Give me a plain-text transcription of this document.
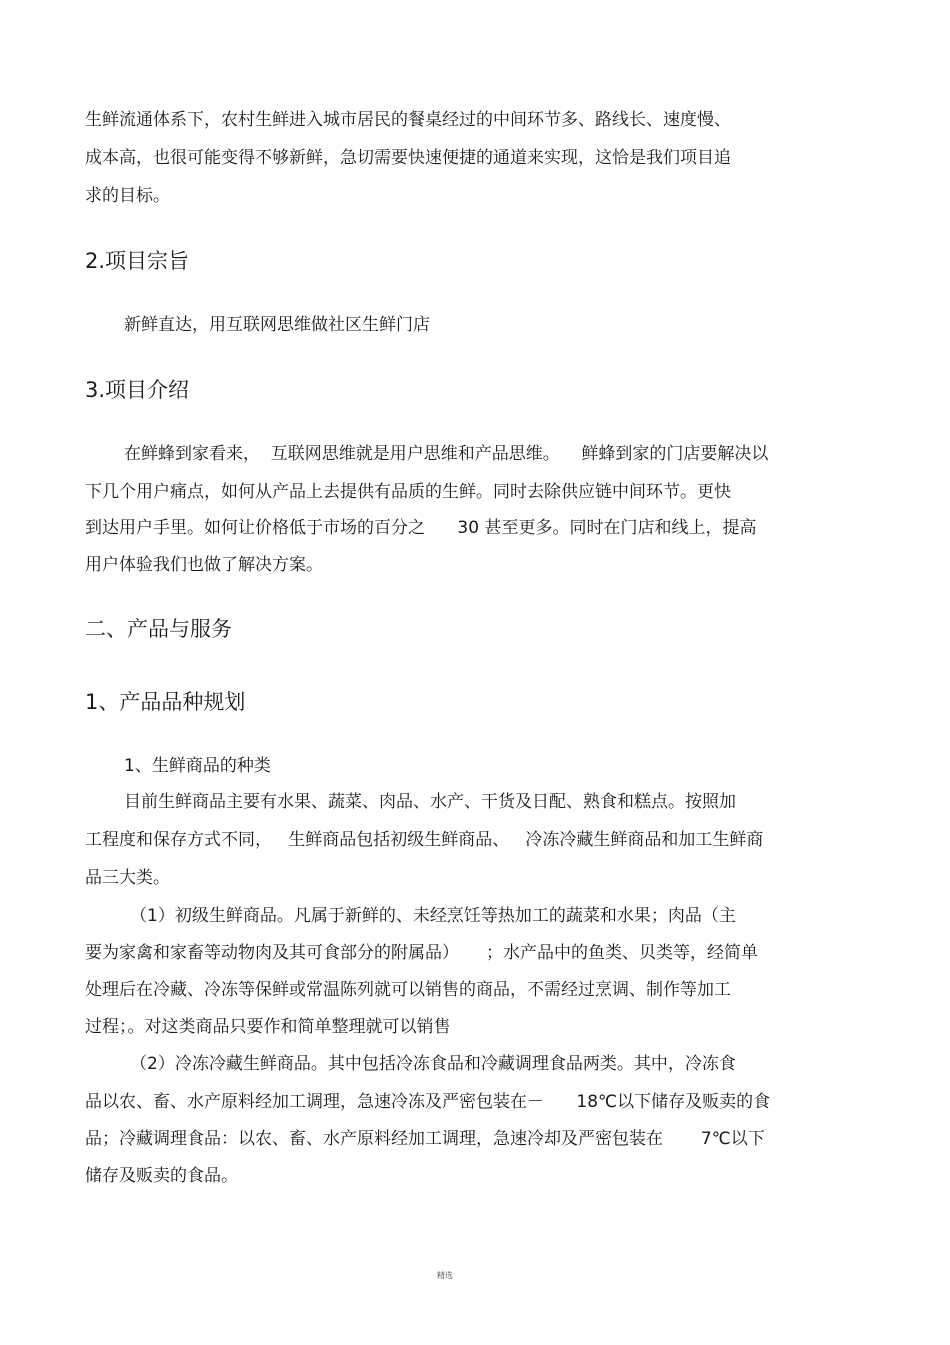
生鲜流通体系下，农村生鲜进入城市居民的餐桌经过的中间环节多、路线长、速度慢、
成本高，也很可能变得不够新鲜，急切需要快速便捷的通道来实现，这恰是我们项目追
求的目标。
2.项目宗旨
新鲜直达，用互联网思维做社区生鲜门店
3.项目介绍
在鲜蜂到家看来，  互联网思维就是用户思维和产品思维。    鲜蜂到家的门店要解决以
下几个用户痛点，如何从产品上去提供有品质的生鲜。同时去除供应链中间环节。更快
到达用户手里。如何让价格低于市场的百分之      30 甚至更多。同时在门店和线上，提高
用户体验我们也做了解决方案。
二、产品与服务
1、产品品种规划
1、生鲜商品的种类
目前生鲜商品主要有水果、蔬菜、肉品、水产、干货及日配、熟食和糕点。按照加
工程度和保存方式不同，   生鲜商品包括初级生鲜商品、   冷冻冷藏生鲜商品和加工生鲜商
品三大类。
（1）初级生鲜商品。凡属于新鲜的、未经烹饪等热加工的蔬菜和水果；肉品（主
要为家禽和家畜等动物肉及其可食部分的附属品）     ；水产品中的鱼类、贝类等，经简单
处理后在冷藏、冷冻等保鲜或常温陈列就可以销售的商品，不需经过烹调、制作等加工
过程；。对这类商品只要作和简单整理就可以销售
（2）冷冻冷藏生鲜商品。其中包括冷冻食品和冷藏调理食品两类。其中，冷冻食
品以农、畜、水产原料经加工调理，急速冷冻及严密包装在－      18℃以下储存及贩卖的食
品；冷藏调理食品：以农、畜、水产原料经加工调理，急速冷却及严密包装在       7℃以下
储存及贩卖的食品。
精选
